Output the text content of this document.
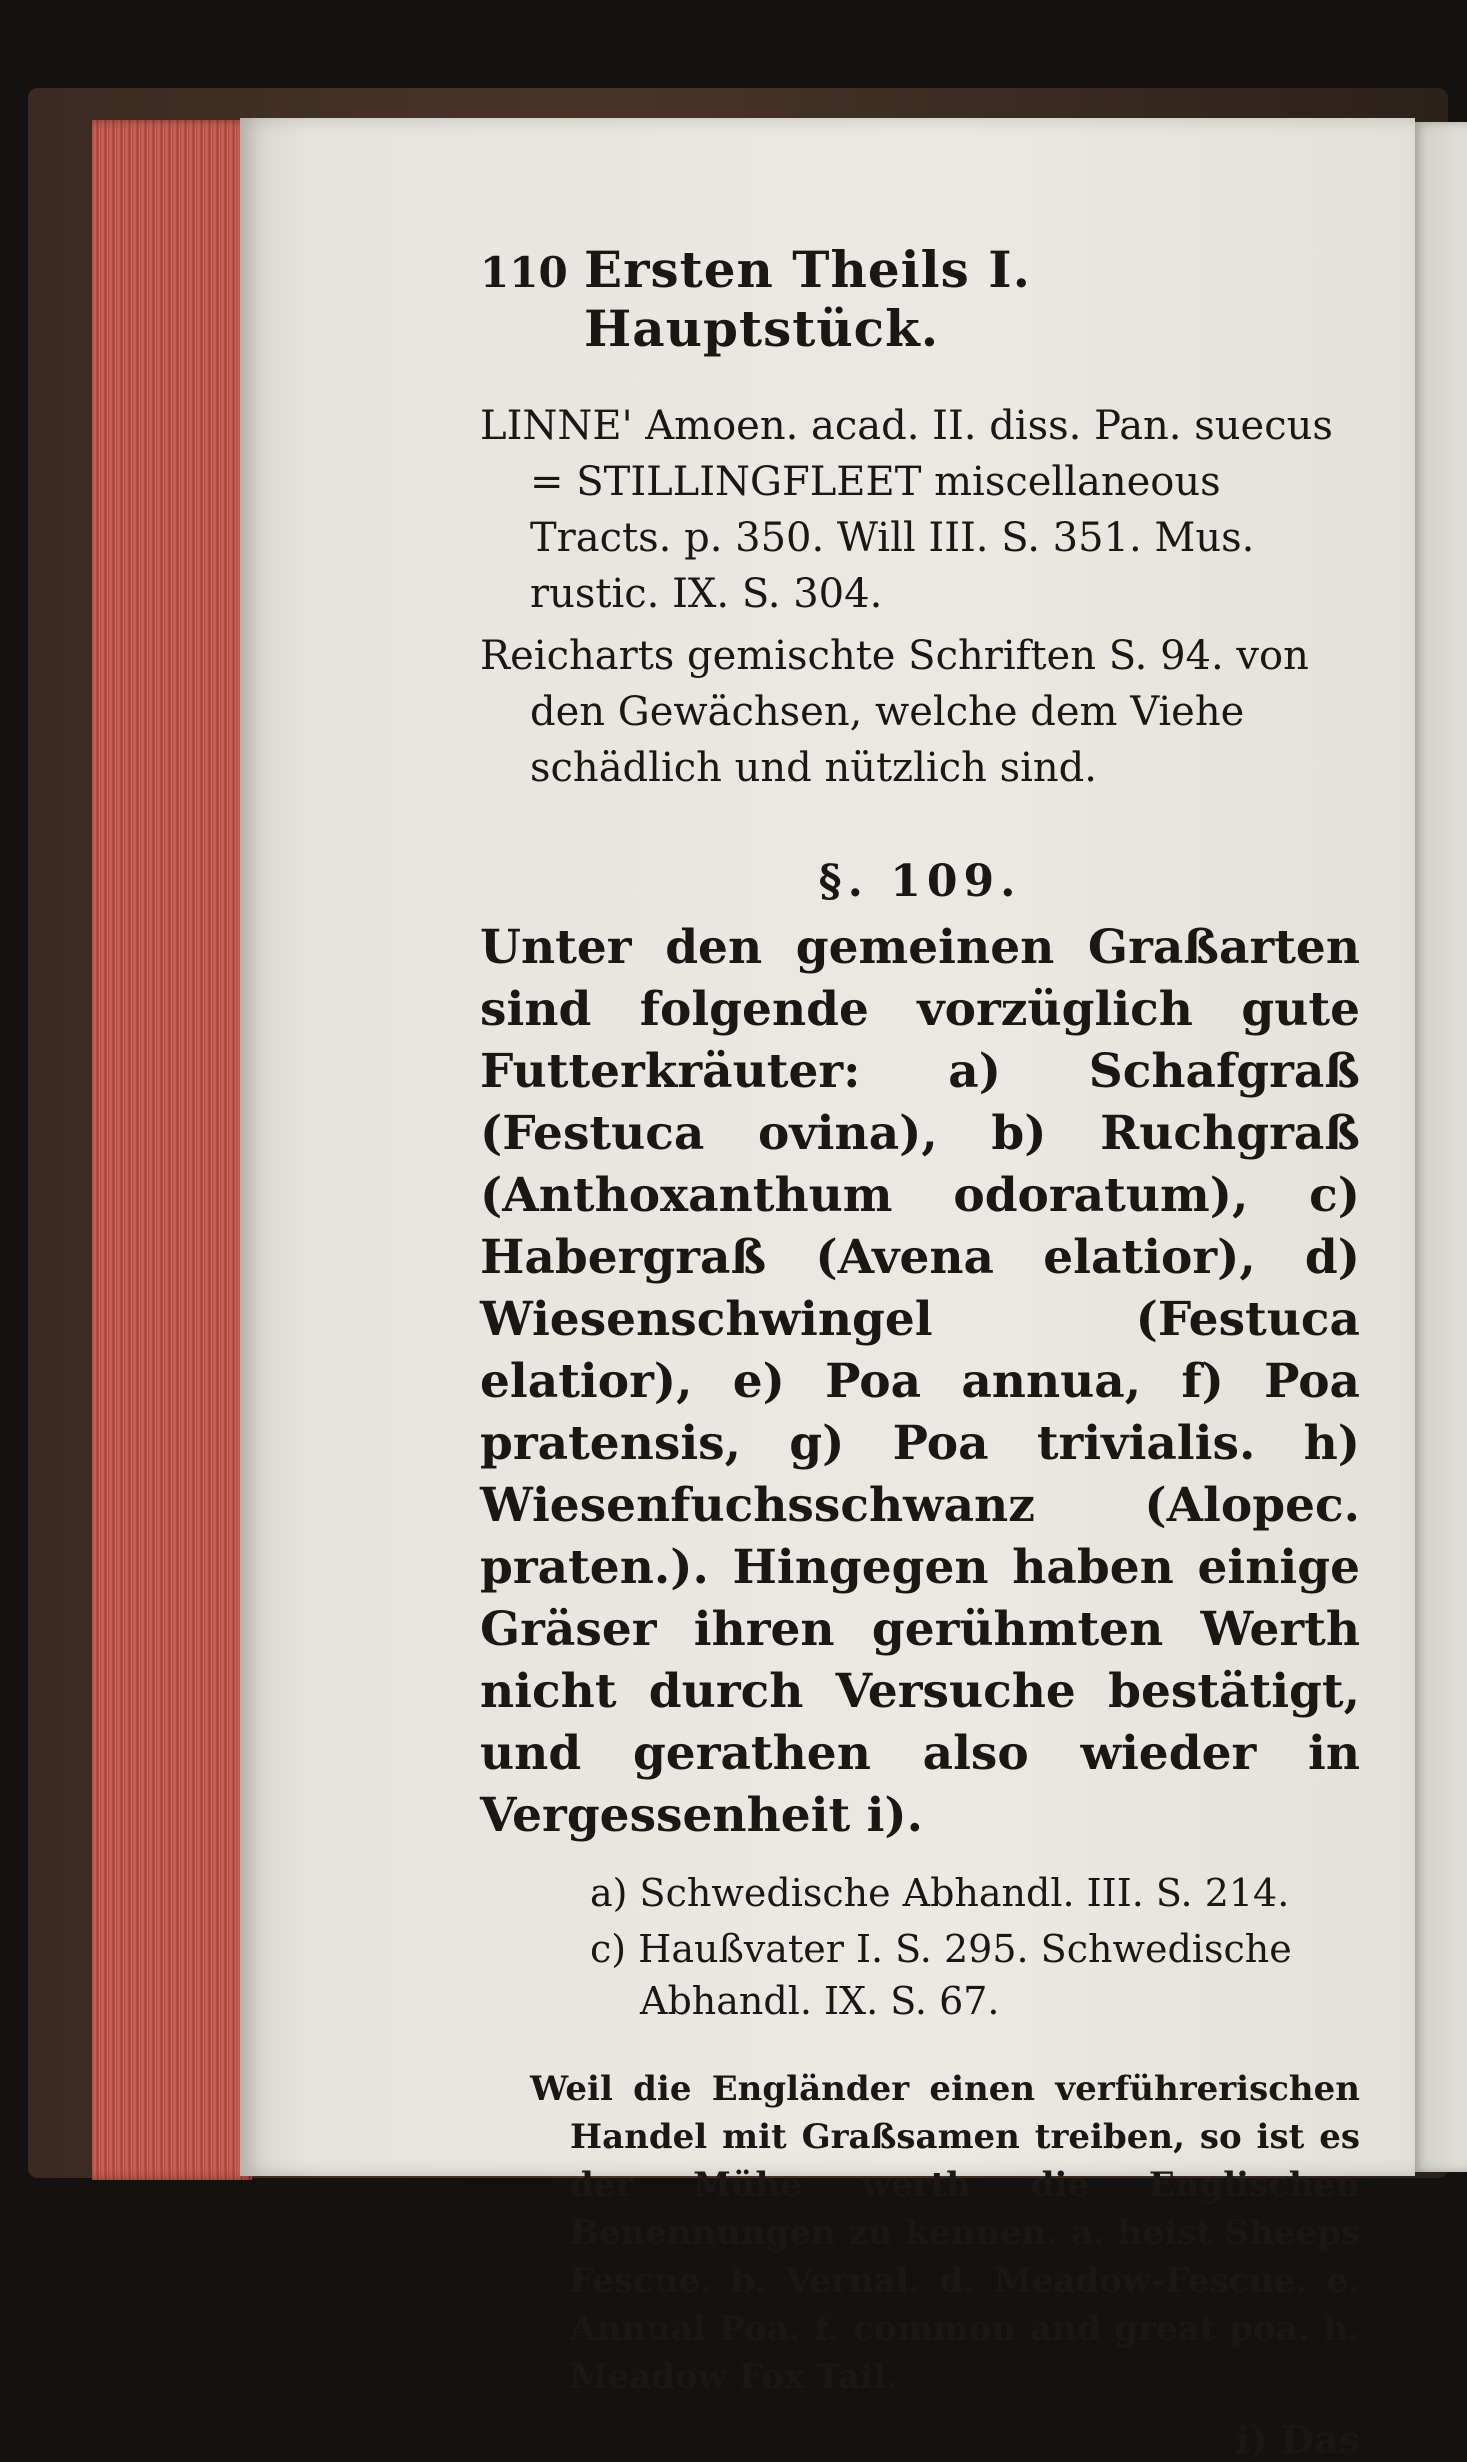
110 Ersten Theils I. Hauptstück.

LINNE' Amoen. acad. II. diss. Pan. suecus = STILLINGFLEET miscellaneous Tracts. p. 350. Will III. S. 351. Mus. rustic. IX. S. 304.

Reicharts gemischte Schriften S. 94. von den Gewächsen, welche dem Viehe schädlich und nützlich sind.

§. 109.

Unter den gemeinen Graßarten sind folgende vorzüglich gute Futterkräuter: a) Schafgraß (Festuca ovina), b) Ruchgraß (Anthoxanthum odoratum), c) Habergraß (Avena elatior), d) Wiesenschwingel (Festuca elatior), e) Poa annua, f) Poa pratensis, g) Poa trivialis. h) Wiesenfuchsschwanz (Alopec. praten.). Hingegen haben einige Gräser ihren gerühmten Werth nicht durch Versuche bestätigt, und gerathen also wieder in Vergessenheit i).

a) Schwedische Abhandl. III. S. 214.

c) Haußvater I. S. 295. Schwedische Abhandl. IX. S. 67.

Weil die Engländer einen verführerischen Handel mit Graßsamen treiben, so ist es der Mühe werth die Englischen Benennungen zu kennen. a. heist Sheeps Fescue. b. Vernal. d. Meadow-Fescue. e. Annual Poa. f. common and great poa. h. Meadow Fox Tail.

i) Das
